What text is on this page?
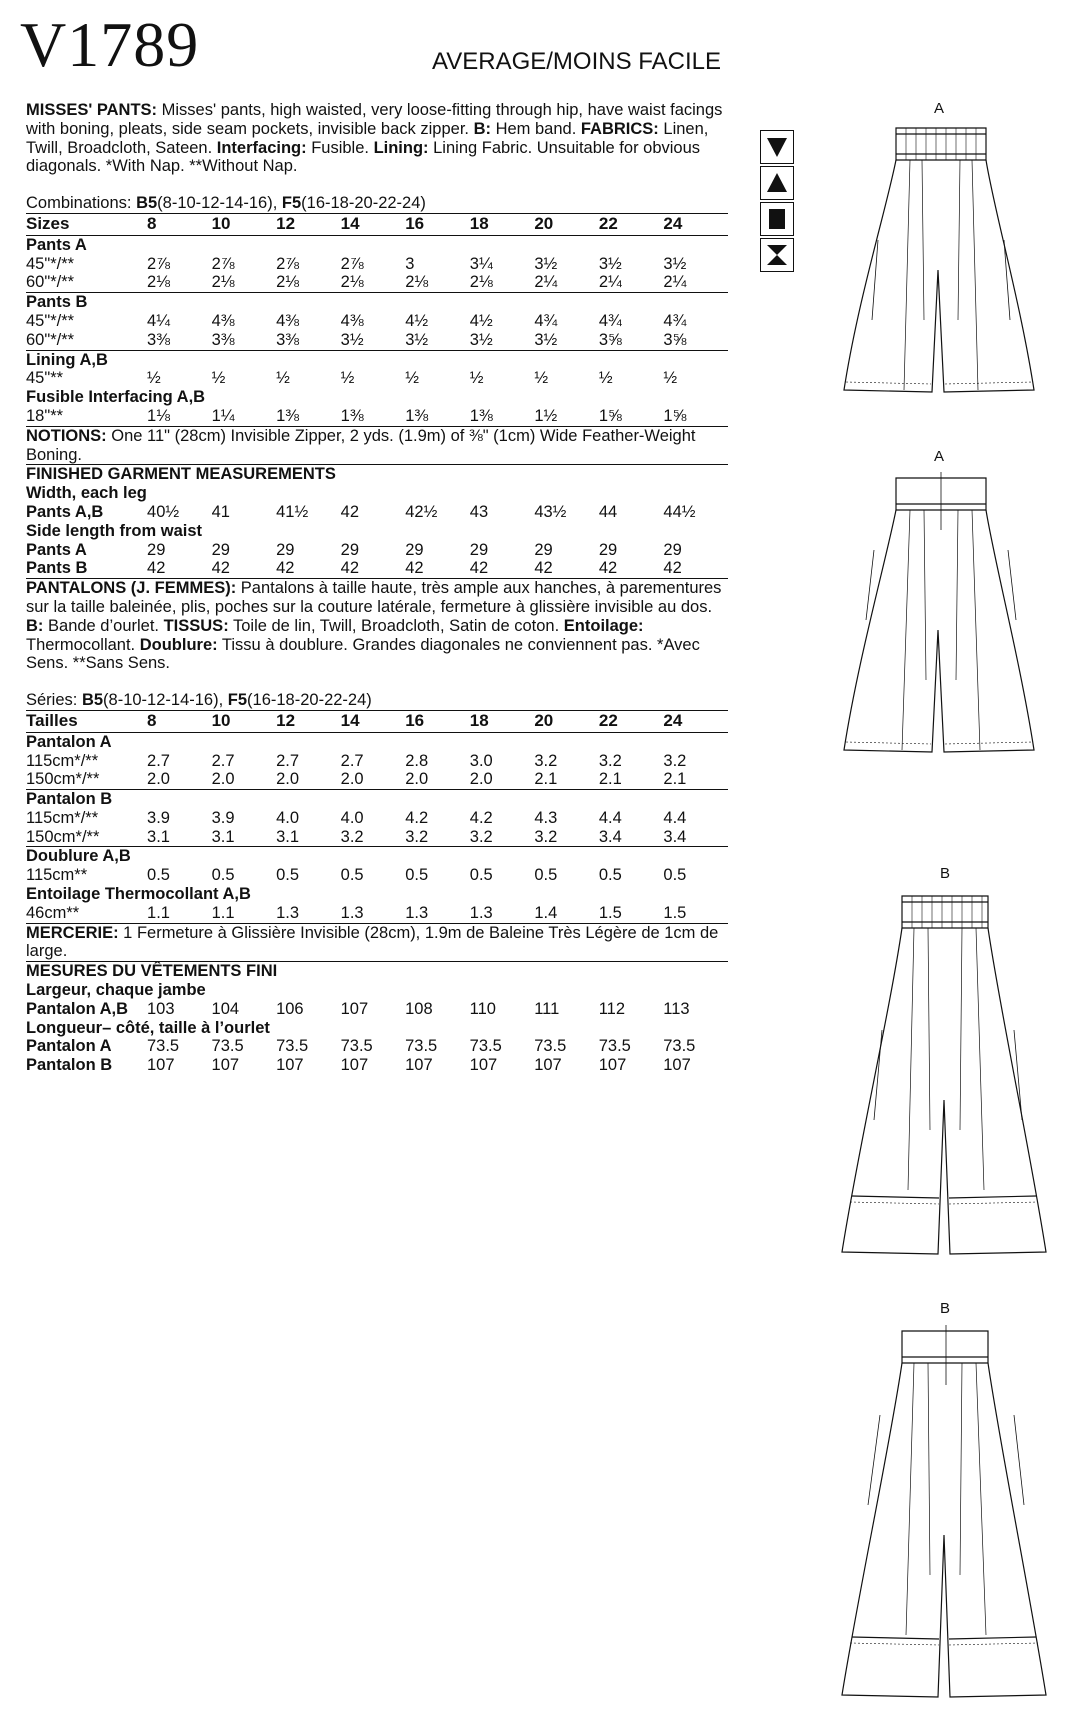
V1789	AVERAGE/MOINS FACILE

MISSES' PANTS: Misses' pants, high waisted, very loose-fitting through hip, have waist facings with boning, pleats, side seam pockets, invisible back zipper. B: Hem band. FABRICS: Linen, Twill, Broadcloth, Sateen. Interfacing: Fusible. Lining: Lining Fabric. Unsuitable for obvious diagonals. *With Nap. **Without Nap.

Combinations: B5(8-10-12-14-16), F5(16-18-20-22-24)

Sizes	8	10	12	14	16	18	20	22	24
Pants A									
45"*/**	2⅞	2⅞	2⅞	2⅞	3	3¼	3½	3½	3½
60"*/**	2⅛	2⅛	2⅛	2⅛	2⅛	2⅛	2¼	2¼	2¼
Pants B									
45"*/**	4¼	4⅜	4⅜	4⅜	4½	4½	4¾	4¾	4¾
60"*/**	3⅜	3⅜	3⅜	3½	3½	3½	3½	3⅝	3⅝
Lining A,B									
45"**	½	½	½	½	½	½	½	½	½
Fusible Interfacing A,B									
18"**	1⅛	1¼	1⅜	1⅜	1⅜	1⅜	1½	1⅝	1⅝

NOTIONS: One 11" (28cm) Invisible Zipper, 2 yds. (1.9m) of ⅜" (1cm) Wide Feather-Weight Boning.

FINISHED GARMENT MEASUREMENTS									
Width, each leg									
Pants A,B	40½	41	41½	42	42½	43	43½	44	44½
Side length from waist									
Pants A	29	29	29	29	29	29	29	29	29
Pants B	42	42	42	42	42	42	42	42	42

PANTALONS (J. FEMMES): Pantalons à taille haute, très ample aux hanches, à parementures sur la taille baleinée, plis, poches sur la couture latérale, fermeture à glissière invisible au dos. B: Bande d’ourlet. TISSUS: Toile de lin, Twill, Broadcloth, Satin de coton. Entoilage: Thermocollant. Doublure: Tissu à doublure. Grandes diagonales ne conviennent pas. *Avec Sens. **Sans Sens.

Séries: B5(8-10-12-14-16), F5(16-18-20-22-24)

Tailles	8	10	12	14	16	18	20	22	24
Pantalon A									
115cm*/**	2.7	2.7	2.7	2.7	2.8	3.0	3.2	3.2	3.2
150cm*/**	2.0	2.0	2.0	2.0	2.0	2.0	2.1	2.1	2.1
Pantalon B									
115cm*/**	3.9	3.9	4.0	4.0	4.2	4.2	4.3	4.4	4.4
150cm*/**	3.1	3.1	3.1	3.2	3.2	3.2	3.2	3.4	3.4
Doublure A,B									
115cm**	0.5	0.5	0.5	0.5	0.5	0.5	0.5	0.5	0.5
Entoilage Thermocollant A,B									
46cm**	1.1	1.1	1.3	1.3	1.3	1.3	1.4	1.5	1.5

MERCERIE: 1 Fermeture à Glissière Invisible (28cm), 1.9m de Baleine Très Légère de 1cm de large.

MESURES DU VÊTEMENTS FINI									
Largeur, chaque jambe									
Pantalon A,B	103	104	106	107	108	110	111	112	113
Longueur– côté, taille à l’ourlet									
Pantalon A	73.5	73.5	73.5	73.5	73.5	73.5	73.5	73.5	73.5
Pantalon B	107	107	107	107	107	107	107	107	107
A
A
B
B
